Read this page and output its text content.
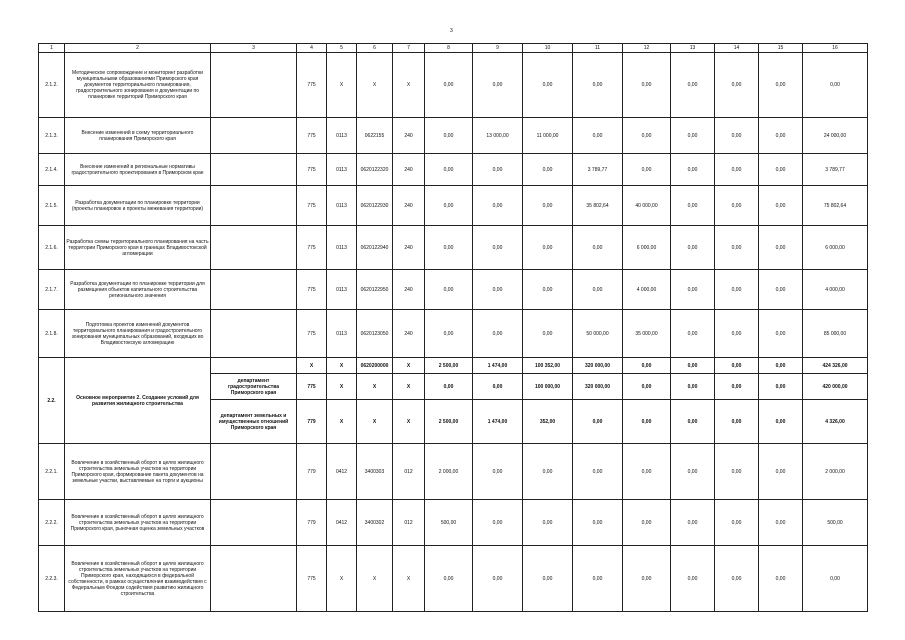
3
1	2	3	4	5	6	7	8	9	10	11	12	13	14	15	16
2.1.2.	Методическое сопровождение и мониторинг разработки муниципальными образованиями Приморского края документов территориального планирования, градостроительного зонирования и документации по планировке территорий Приморского края		775	X	X	X	0,00	0,00	0,00	0,00	0,00	0,00	0,00	0,00	0,00
2.1.3.	Внесение изменений в схему территориального планирования Приморского края		775	0113	0622155	240	0,00	13 000,00	11 000,00	0,00	0,00	0,00	0,00	0,00	24 000,00
2.1.4.	Внесение изменений в региональные нормативы градостроительного проектирования в Приморском крае		775	0113	0620122320	240	0,00	0,00	0,00	3 789,77	0,00	0,00	0,00	0,00	3 789,77
2.1.5.	Разработка документации по планировке территории (проекты планировок и проекты межевания территории)		775	0113	0620122930	240	0,00	0,00	0,00	35 802,64	40 000,00	0,00	0,00	0,00	75 802,64
2.1.6.	Разработка схемы территориального планирования на часть территории Приморского края в границах Владивостокской агломерации		775	0113	0620122940	240	0,00	0,00	0,00	0,00	6 000,00	0,00	0,00	0,00	6 000,00
2.1.7.	Разработка документации по планировке территории для размещения объектов капитального строительства регионального значения		775	0113	0620122950	240	0,00	0,00	0,00	0,00	4 000,00	0,00	0,00	0,00	4 000,00
2.1.8.	Подготовка проектов изменений документов территориального планирования и градостроительного зонирования муниципальных образований, входящих во Владивостокскую агломерацию		775	0113	0620123050	240	0,00	0,00	0,00	50 000,00	35 000,00	0,00	0,00	0,00	85 000,00
2.2.	Основное мероприятие 2. Создание условий для развития жилищного строительства		X	X	0620200000	X	2 500,00	1 474,00	100 352,00	320 000,00	0,00	0,00	0,00	0,00	424 326,00
		департамент градостроительства Приморского края	775	X	X	X	0,00	0,00	100 000,00	320 000,00	0,00	0,00	0,00	0,00	420 000,00
		департамент земельных и имущественных отношений Приморского края	779	X	X	X	2 500,00	1 474,00	352,00	0,00	0,00	0,00	0,00	0,00	4 326,00
2.2.1.	Вовлечение в хозяйственный оборот в целях жилищного строительства земельных участков на территории Приморского края, формирование пакета документов на земельные участки, выставляемые на торги и аукционы		779	0412	3400303	012	2 000,00	0,00	0,00	0,00	0,00	0,00	0,00	0,00	2 000,00
2.2.2.	Вовлечение в хозяйственный оборот в целях жилищного строительства земельных участков на территории Приморского края, рыночная оценка земельных участков		779	0412	3400302	012	500,00	0,00	0,00	0,00	0,00	0,00	0,00	0,00	500,00
2.2.3.	Вовлечение в хозяйственный оборот в целях жилищного строительства земельных участков на территории Приморского края, находящихся в федеральной собственности, в рамках осуществления взаимодействия с Федеральным Фондом содействия развитию жилищного строительства		775	X	X	X	0,00	0,00	0,00	0,00	0,00	0,00	0,00	0,00	0,00
